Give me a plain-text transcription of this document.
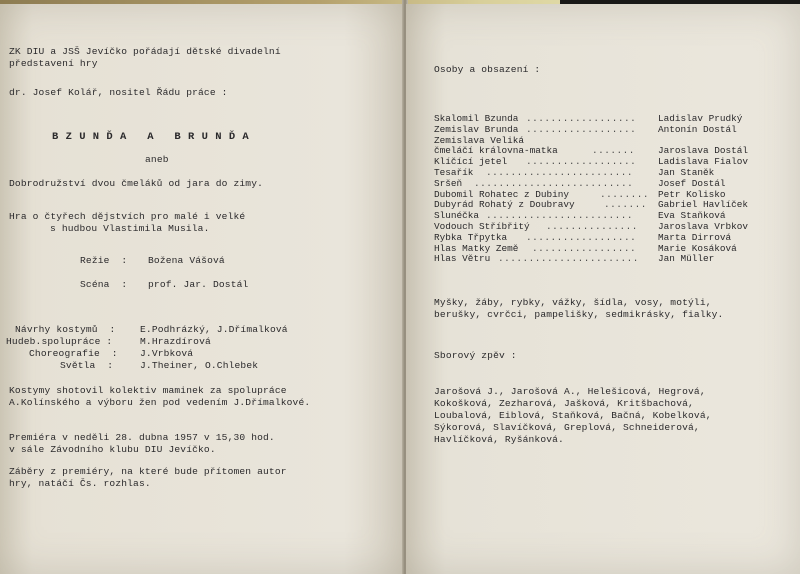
ZK DIU a JSŠ Jevíčko pořádají dětské divadelní
představení hry
dr. Josef Kolář, nositel Řádu práce :
B Z U N Ď A   A   B R U N Ď A
aneb
Dobrodružství dvou čmeláků od jara do zimy.
Hra o čtyřech dějstvích pro malé i velké
s hudbou Vlastimila Musila.
Režie  : Božena Vášová
Scéna  : prof. Jar. Dostál
Návrhy kostymů  :	E.Podhrázký, J.Dřímalková
Hudeb.spolupráce :	M.Hrazdírová
Choreografie  : J.Vrbková
Světla  :	J.Theiner, O.Chlebek
Kostymy shotovil kolektiv maminek za spolupráce
A.Kolínského a výboru žen pod vedením J.Dřímalkové.
Premiéra v neděli 28. dubna 1957 v 15,30 hod.
v sále Závodního klubu DIU Jevíčko.
Záběry z premiéry, na které bude přítomen autor
hry, natáčí Čs. rozhlas.
Osoby a obsazení :
Skalomil Bzunda .................. Ladislav Prudký
Zemislav Brunda .................. Antonín Dostál
Zemislava Veliká
čmeláčí královna-matka	....... Jaroslava Dostál
Klíčící jetel .................. Ladislava Fialov
Tesařík ........................	Jan Staněk
Sršeň ..........................	Josef Dostál
Dubomil Rohatec z Dubiny	........ Petr Kolisko
Dubyrád Rohatý z Doubravy	....... Gabriel Havlíček
Slunéčka ........................	Eva Staňková
Vodouch Stříbřitý ............... Jaroslava Vrbkov
Rybka Třpytka .................. Marta Dirrová
Hlas Matky Země ................. Marie Kosáková
Hlas Větru ....................... Jan Müller
Myšky, žáby, rybky, vážky, šídla, vosy, motýli,
berušky, cvrčci, pampelišky, sedmikrásky, fialky.
Sborový zpěv :
Jarošová J., Jarošová A., Helešicová, Hegrová,
Kokošková, Zezharová, Jašková, Kritšbachová,
Loubalová, Eiblová, Staňková, Bačná, Kobelková,
Sýkorová, Slavíčková, Greplová, Schneiderová,
Havlíčková, Ryšánková.
